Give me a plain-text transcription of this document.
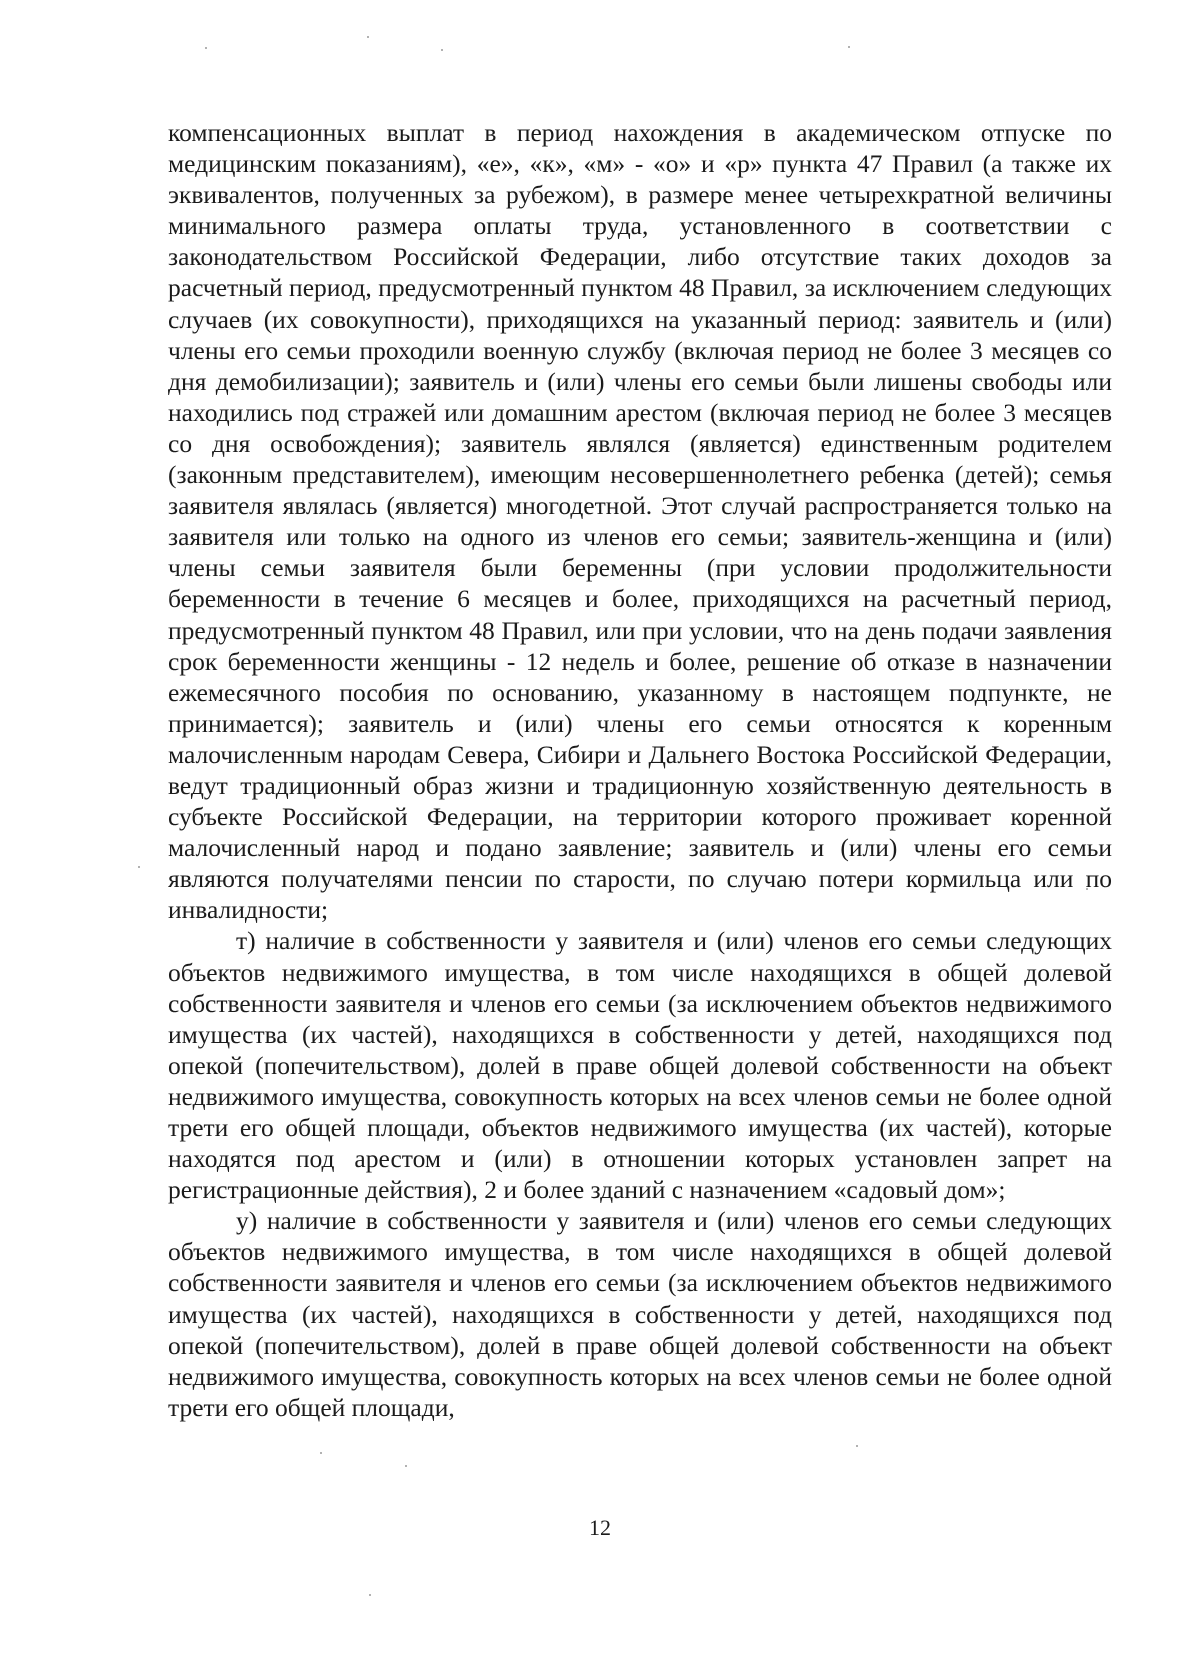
компенсационных выплат в период нахождения в академическом отпуске по медицинским показаниям), «е», «к», «м» - «о» и «р» пункта 47 Правил (а также их эквивалентов, полученных за рубежом), в размере менее четырехкратной величины минимального размера оплаты труда, установленного в соответствии с законодательством Российской Федерации, либо отсутствие таких доходов за расчетный период, предусмотренный пунктом 48 Правил, за исключением следующих случаев (их совокупности), приходящихся на указанный период: заявитель и (или) члены его семьи проходили военную службу (включая период не более 3 месяцев со дня демобилизации); заявитель и (или) члены его семьи были лишены свободы или находились под стражей или домашним арестом (включая период не более 3 месяцев со дня освобождения); заявитель являлся (является) единственным родителем (законным представителем), имеющим несовершеннолетнего ребенка (детей); семья заявителя являлась (является) многодетной. Этот случай распространяется только на заявителя или только на одного из членов его семьи; заявитель-женщина и (или) члены семьи заявителя были беременны (при условии продолжительности беременности в течение 6 месяцев и более, приходящихся на расчетный период, предусмотренный пунктом 48 Правил, или при условии, что на день подачи заявления срок беременности женщины - 12 недель и более, решение об отказе в назначении ежемесячного пособия по основанию, указанному в настоящем подпункте, не принимается); заявитель и (или) члены его семьи относятся к коренным малочисленным народам Севера, Сибири и Дальнего Востока Российской Федерации, ведут традиционный образ жизни и традиционную хозяйственную деятельность в субъекте Российской Федерации, на территории которого проживает коренной малочисленный народ и подано заявление; заявитель и (или) члены его семьи являются получателями пенсии по старости, по случаю потери кормильца или по инвалидности;

т) наличие в собственности у заявителя и (или) членов его семьи следующих объектов недвижимого имущества, в том числе находящихся в общей долевой собственности заявителя и членов его семьи (за исключением объектов недвижимого имущества (их частей), находящихся в собственности у детей, находящихся под опекой (попечительством), долей в праве общей долевой собственности на объект недвижимого имущества, совокупность которых на всех членов семьи не более одной трети его общей площади, объектов недвижимого имущества (их частей), которые находятся под арестом и (или) в отношении которых установлен запрет на регистрационные действия), 2 и более зданий с назначением «садовый дом»;

у) наличие в собственности у заявителя и (или) членов его семьи следующих объектов недвижимого имущества, в том числе находящихся в общей долевой собственности заявителя и членов его семьи (за исключением объектов недвижимого имущества (их частей), находящихся в собственности у детей, находящихся под опекой (попечительством), долей в праве общей долевой собственности на объект недвижимого имущества, совокупность которых на всех членов семьи не более одной трети его общей площади,

12
